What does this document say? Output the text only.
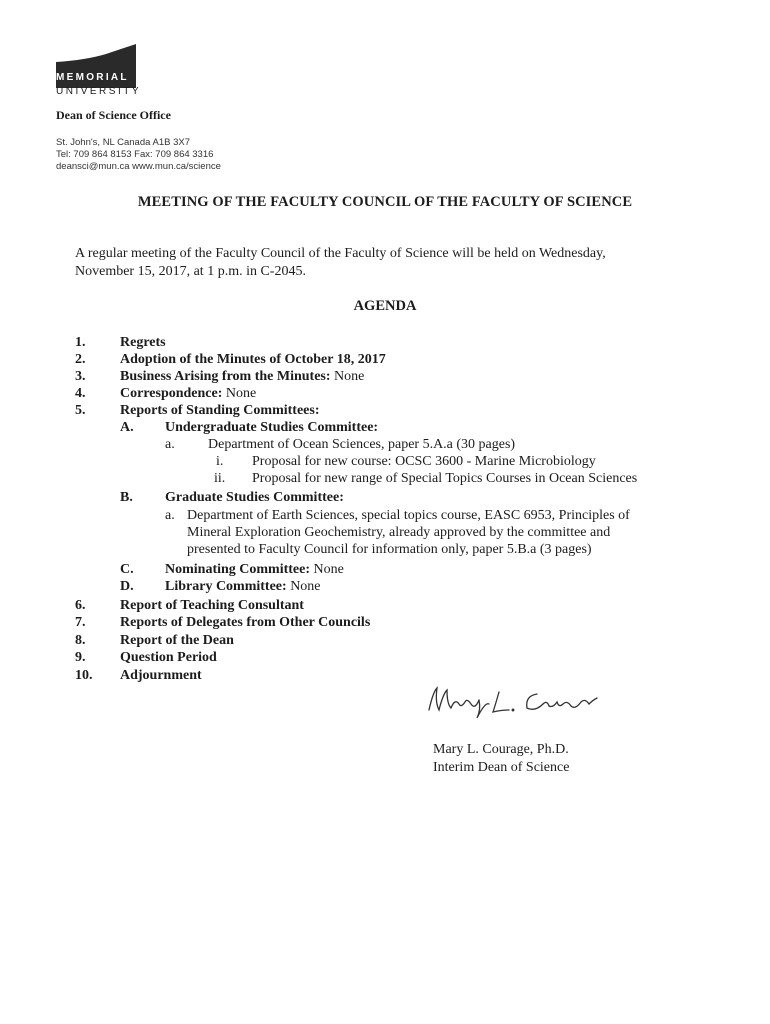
MEMORIAL
UNIVERSITY
Dean of Science Office
St. John's, NL Canada A1B 3X7
Tel: 709 864 8153 Fax: 709 864 3316
deansci@mun.ca www.mun.ca/science
MEETING OF THE FACULTY COUNCIL OF THE FACULTY OF SCIENCE
A regular meeting of the Faculty Council of the Faculty of Science will be held on Wednesday,
November 15, 2017, at 1 p.m. in C-2045.
AGENDA
1. Regrets
2. Adoption of the Minutes of October 18, 2017
3. Business Arising from the Minutes: None
4. Correspondence: None
5. Reports of Standing Committees:
A. Undergraduate Studies Committee:
a. Department of Ocean Sciences, paper 5.A.a (30 pages)
i. Proposal for new course: OCSC 3600 - Marine Microbiology
ii. Proposal for new range of Special Topics Courses in Ocean Sciences
B. Graduate Studies Committee:
a. Department of Earth Sciences, special topics course, EASC 6953, Principles of
Mineral Exploration Geochemistry, already approved by the committee and
presented to Faculty Council for information only, paper 5.B.a (3 pages)
C. Nominating Committee: None
D. Library Committee: None
6. Report of Teaching Consultant
7. Reports of Delegates from Other Councils
8. Report of the Dean
9. Question Period
10. Adjournment
Mary L. Courage, Ph.D.
Interim Dean of Science
